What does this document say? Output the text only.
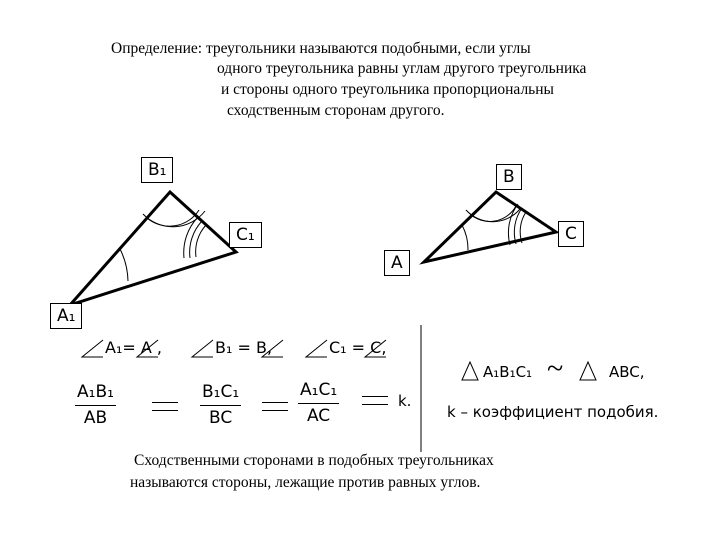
Определение: треугольники называются подобными, если углы
одного треугольника равны углам другого треугольника
и стороны одного треугольника пропорциональны
сходственным сторонам другого.
B₁	B
C₁	C
A
A₁
A₁= A ,	B₁ = B,	C₁ = C,
$\frac{\text{A₁B₁}}{AB}$	$\frac{\text{B₁C₁}}{BC}$	$\frac{\text{A₁C₁}}{AC}$	k.
A₁B₁C₁ ~	ABC,
k – коэффициент подобия.
Сходственными сторонами в подобных треугольниках
называются стороны, лежащие против равных углов.
